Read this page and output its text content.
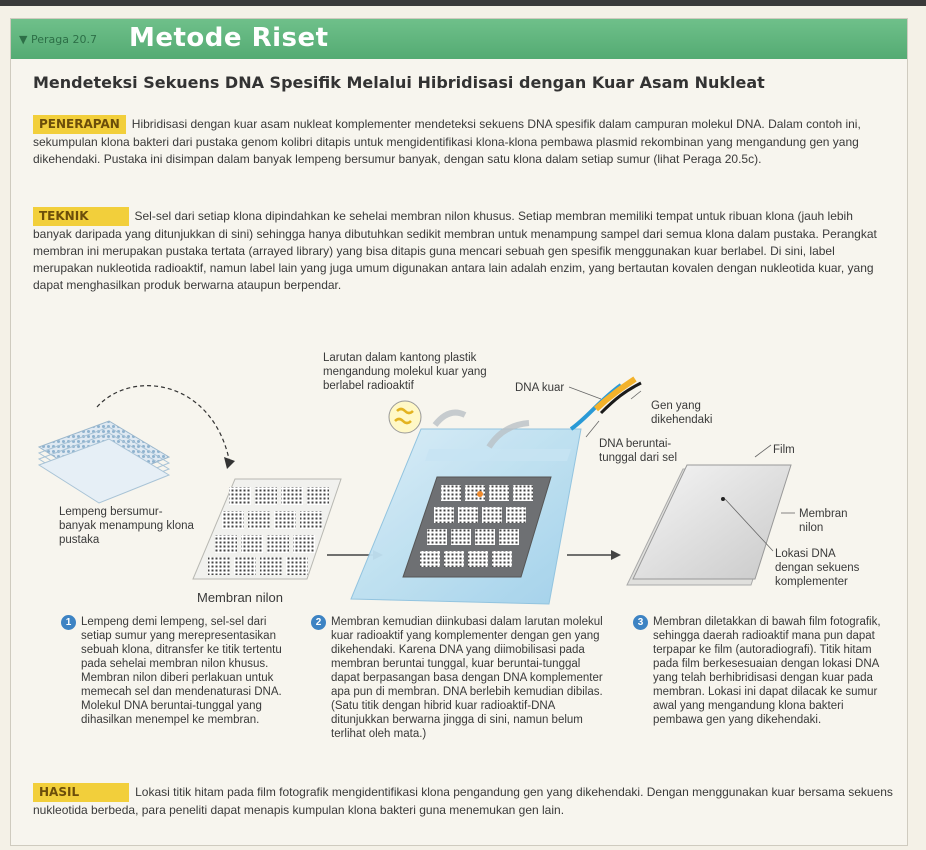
▼ Peraga 20.7 Metode Riset
Mendeteksi Sekuens DNA Spesifik Melalui Hibridisasi dengan Kuar Asam Nukleat
PENERAPAN Hibridisasi dengan kuar asam nukleat komplementer mendeteksi sekuens DNA spesifik dalam campuran molekul DNA. Dalam contoh ini, sekumpulan klona bakteri dari pustaka genom kolibri ditapis untuk mengidentifikasi klona-klona pembawa plasmid rekombinan yang mengandung gen yang dikehendaki. Pustaka ini disimpan dalam banyak lempeng bersumur banyak, dengan satu klona dalam setiap sumur (lihat Peraga 20.5c).
TEKNIK	Sel-sel dari setiap klona dipindahkan ke sehelai membran nilon khusus. Setiap membran memiliki tempat untuk ribuan klona (jauh lebih banyak daripada yang ditunjukkan di sini) sehingga hanya dibutuhkan sedikit membran untuk menampung sampel dari semua klona dalam pustaka. Perangkat membran ini merupakan pustaka tertata (arrayed library) yang bisa ditapis guna mencari sebuah gen spesifik menggunakan kuar berlabel. Di sini, label merupakan nukleotida radioaktif, namun label lain yang juga umum digunakan antara lain adalah enzim, yang bertautan kovalen dengan nukleotida kuar, yang dapat menghasilkan produk berwarna ataupun berpendar.
Larutan dalam kantong plastik mengandung molekul kuar yang berlabel radioaktif	DNA kuar
Gen yang dikehendaki
DNA beruntai-tunggal dari sel
Film
Membran nilon
Lokasi DNA dengan sekuens komplementer
Lempeng bersumur-banyak menampung klona pustaka
Membran nilon
1 Lempeng demi lempeng, sel-sel dari setiap sumur yang merepresentasikan sebuah klona, ditransfer ke titik tertentu pada sehelai membran nilon khusus. Membran nilon diberi perlakuan untuk memecah sel dan mendenaturasi DNA. Molekul DNA beruntai-tunggal yang dihasilkan menempel ke membran.
2 Membran kemudian diinkubasi dalam larutan molekul kuar radioaktif yang komplementer dengan gen yang dikehendaki. Karena DNA yang diimobilisasi pada membran beruntai tunggal, kuar beruntai-tunggal dapat berpasangan basa dengan DNA komplementer apa pun di membran. DNA berlebih kemudian dibilas. (Satu titik dengan hibrid kuar radioaktif-DNA ditunjukkan berwarna jingga di sini, namun belum terlihat oleh mata.)
3 Membran diletakkan di bawah film fotografik, sehingga daerah radioaktif mana pun dapat terpapar ke film (autoradiografi). Titik hitam pada film berkesesuaian dengan lokasi DNA yang telah berhibridisasi dengan kuar pada membran. Lokasi ini dapat dilacak ke sumur awal yang mengandung klona bakteri pembawa gen yang dikehendaki.
HASIL	Lokasi titik hitam pada film fotografik mengidentifikasi klona pengandung gen yang dikehendaki. Dengan menggunakan kuar bersama sekuens nukleotida berbeda, para peneliti dapat menapis kumpulan klona bakteri guna menemukan gen lain.
